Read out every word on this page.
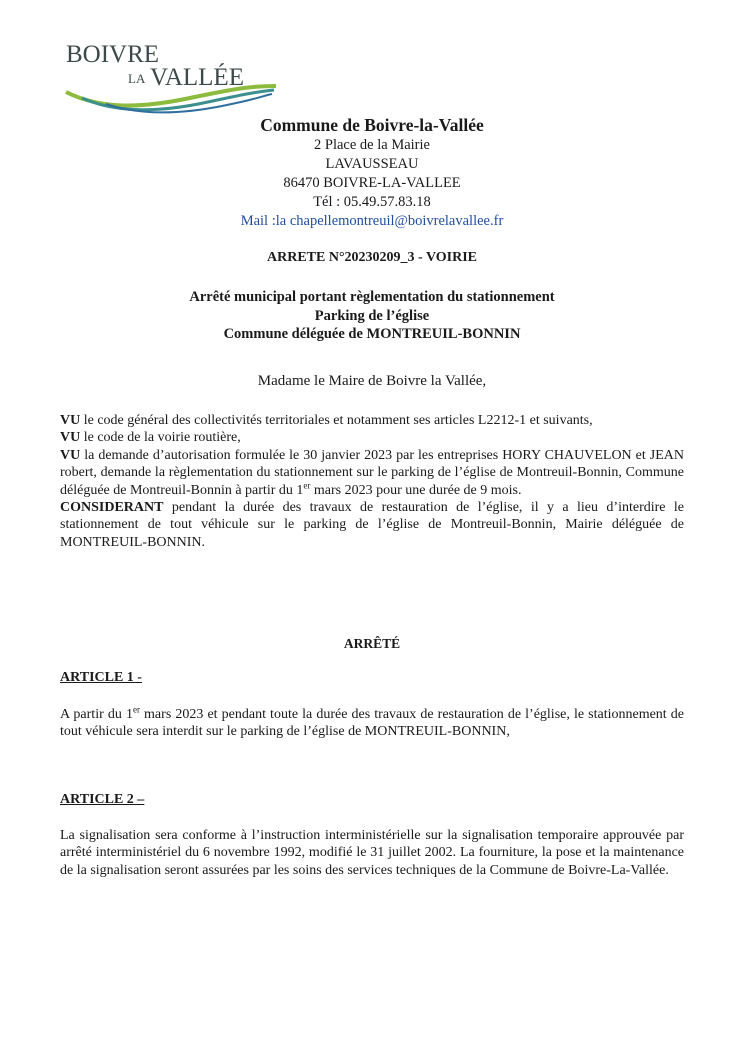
BOIVRE
LA VALLÉE
Commune de Boivre-la-Vallée
2 Place de la Mairie
LAVAUSSEAU
86470 BOIVRE-LA-VALLEE
Tél : 05.49.57.83.18
Mail :la chapellemontreuil@boivrelavallee.fr
ARRETE N°20230209_3 - VOIRIE
Arrêté municipal portant règlementation du stationnement
Parking de l’église
Commune déléguée de MONTREUIL-BONNIN
Madame le Maire de Boivre la Vallée,

VU le code général des collectivités territoriales et notamment ses articles L2212-1 et suivants,

VU le code de la voirie routière,

VU la demande d’autorisation formulée le 30 janvier 2023 par les entreprises HORY CHAUVELON et JEAN robert, demande la règlementation du stationnement sur le parking de l’église de Montreuil-Bonnin, Commune déléguée de Montreuil-Bonnin à partir du 1er mars 2023 pour une durée de 9 mois.

CONSIDERANT pendant la durée des travaux de restauration de l’église, il y a lieu d’interdire le stationnement de tout véhicule sur le parking de l’église de Montreuil-Bonnin, Mairie déléguée de MONTREUIL-BONNIN.

ARRÊTÉ
ARTICLE 1 -

A partir du 1er mars 2023 et pendant toute la durée des travaux de restauration de l’église, le stationnement de tout véhicule sera interdit sur le parking de l’église de MONTREUIL-BONNIN,

ARTICLE 2 –

La signalisation sera conforme à l’instruction interministérielle sur la signalisation temporaire approuvée par arrêté interministériel du 6 novembre 1992, modifié le 31 juillet 2002. La fourniture, la pose et la maintenance de la signalisation seront assurées par les soins des services techniques de la Commune de Boivre-La-Vallée.
